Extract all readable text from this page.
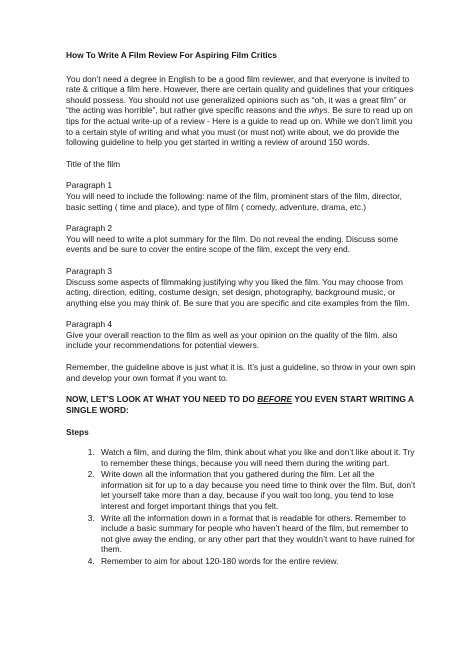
How To Write A Film Review For Aspiring Film Critics

You don’t need a degree in English to be a good film reviewer, and that everyone is invited to rate & critique a film here. However, there are certain quality and guidelines that your critiques should possess. You should not use generalized opinions such as “oh, it was a great film” or “the acting was horrible”, but rather give specific reasons and the whys. Be sure to read up on tips for the actual write-up of a review - Here is a guide to read up on. While we don’t limit you to a certain style of writing and what you must (or must not) write about, we do provide the following guideline to help you get started in writing a review of around 150 words.

Title of the film

Paragraph 1
You will need to include the following: name of the film, prominent stars of the film, director, basic setting ( time and place), and type of film ( comedy, adventure, drama, etc.)
Paragraph 2
You will need to write a plot summary for the film. Do not reveal the ending. Discuss some events and be sure to cover the entire scope of the film, except the very end.
Paragraph 3
Discuss some aspects of filmmaking justifying why you liked the film. You may choose from acting, direction, editing, costume design, set design, photography, background music, or anything else you may think of. Be sure that you are specific and cite examples from the film.
Paragraph 4
Give your overall reaction to the film as well as your opinion on the quality of the film. also include your recommendations for potential viewers.

Remember, the guideline above is just what it is. It’s just a guideline, so throw in your own spin and develop your own format if you want to.

NOW, LET’S LOOK AT WHAT YOU NEED TO DO BEFORE YOU EVEN START WRITING A SINGLE WORD:

Steps

1. Watch a film, and during the film, think about what you like and don’t like about it. Try to remember these things, because you will need them during the writing part.
2. Write down all the information that you gathered during the film. Let all the information sit for up to a day because you need time to think over the film. But, don’t let yourself take more than a day, because if you wait too long, you tend to lose interest and forget important things that you felt.
3. Write all the information down in a format that is readable for others. Remember to include a basic summary for people who haven’t heard of the film, but remember to not give away the ending, or any other part that they wouldn’t want to have ruined for them.
4. Remember to aim for about 120-180 words for the entire review.
